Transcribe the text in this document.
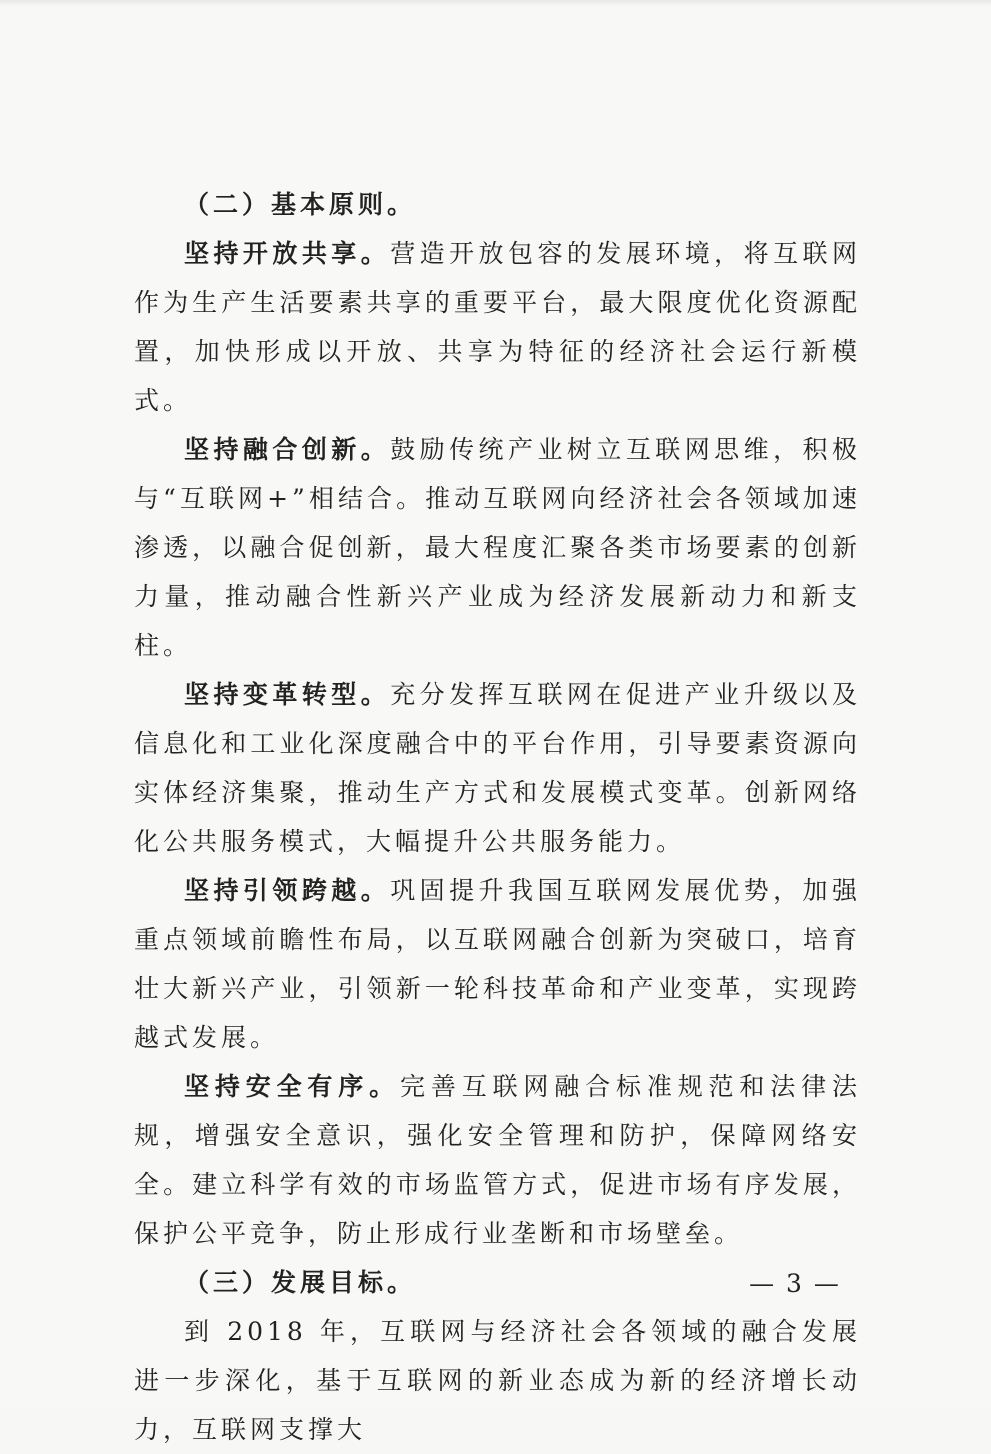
（二）基本原则。

坚持开放共享。营造开放包容的发展环境，将互联网作为生产生活要素共享的重要平台，最大限度优化资源配置，加快形成以开放、共享为特征的经济社会运行新模式。

坚持融合创新。鼓励传统产业树立互联网思维，积极与“互联网+”相结合。推动互联网向经济社会各领域加速渗透，以融合促创新，最大程度汇聚各类市场要素的创新力量，推动融合性新兴产业成为经济发展新动力和新支柱。

坚持变革转型。充分发挥互联网在促进产业升级以及信息化和工业化深度融合中的平台作用，引导要素资源向实体经济集聚，推动生产方式和发展模式变革。创新网络化公共服务模式，大幅提升公共服务能力。

坚持引领跨越。巩固提升我国互联网发展优势，加强重点领域前瞻性布局，以互联网融合创新为突破口，培育壮大新兴产业，引领新一轮科技革命和产业变革，实现跨越式发展。

坚持安全有序。完善互联网融合标准规范和法律法规，增强安全意识，强化安全管理和防护，保障网络安全。建立科学有效的市场监管方式，促进市场有序发展，保护公平竞争，防止形成行业垄断和市场壁垒。

（三）发展目标。

到 2018 年，互联网与经济社会各领域的融合发展进一步深化，基于互联网的新业态成为新的经济增长动力，互联网支撑大

— 3 —
